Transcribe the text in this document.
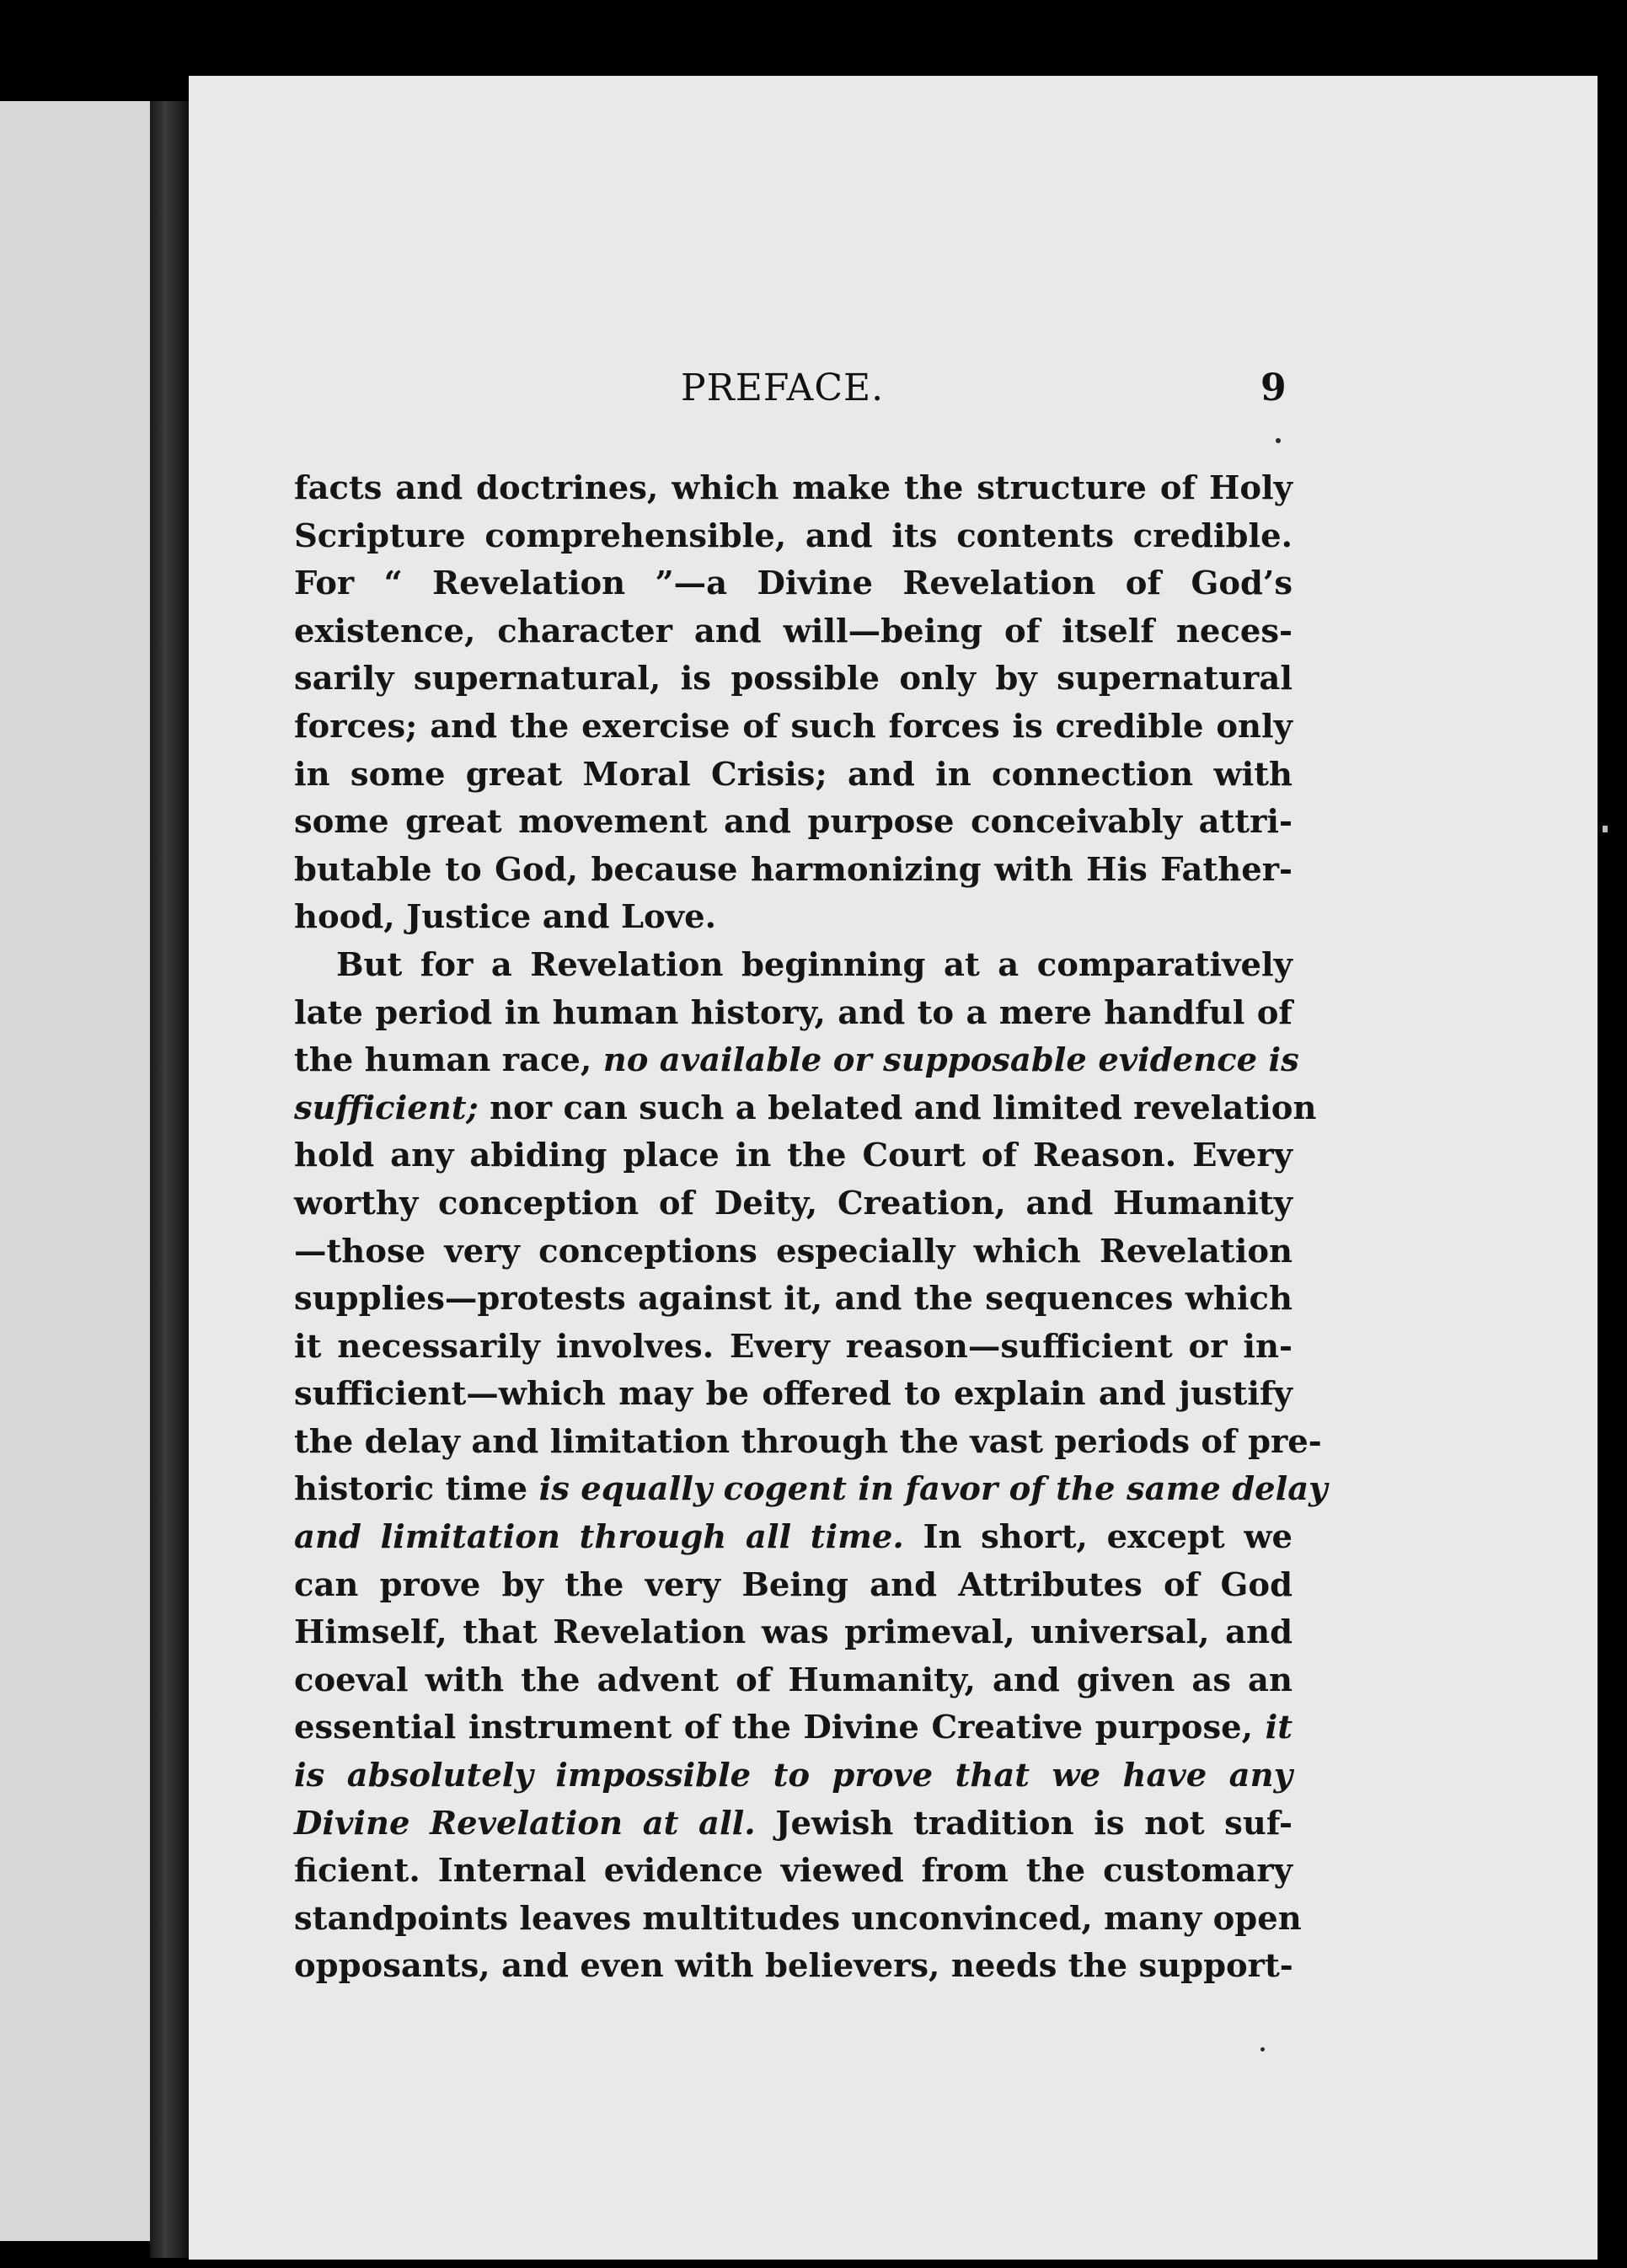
PREFACE.	9
facts and doctrines, which make the structure of Holy
Scripture comprehensible, and its contents credible.
For “ Revelation ”—a Divine Revelation of God’s
existence, character and will—being of itself neces-
sarily supernatural, is possible only by supernatural
forces; and the exercise of such forces is credible only
in some great Moral Crisis; and in connection with
some great movement and purpose conceivably attri-
butable to God, because harmonizing with His Father-
hood, Justice and Love.
But for a Revelation beginning at a comparatively
late period in human history, and to a mere handful of
the human race, no available or supposable evidence is
sufficient; nor can such a belated and limited revelation
hold any abiding place in the Court of Reason. Every
worthy conception of Deity, Creation, and Humanity
—those very conceptions especially which Revelation
supplies—protests against it, and the sequences which
it necessarily involves. Every reason—sufficient or in-
sufficient—which may be offered to explain and justify
the delay and limitation through the vast periods of pre-
historic time is equally cogent in favor of the same delay
and limitation through all time. In short, except we
can prove by the very Being and Attributes of God
Himself, that Revelation was primeval, universal, and
coeval with the advent of Humanity, and given as an
essential instrument of the Divine Creative purpose, it
is absolutely impossible to prove that we have any
Divine Revelation at all. Jewish tradition is not suf-
ficient. Internal evidence viewed from the customary
standpoints leaves multitudes unconvinced, many open
opposants, and even with believers, needs the support-
